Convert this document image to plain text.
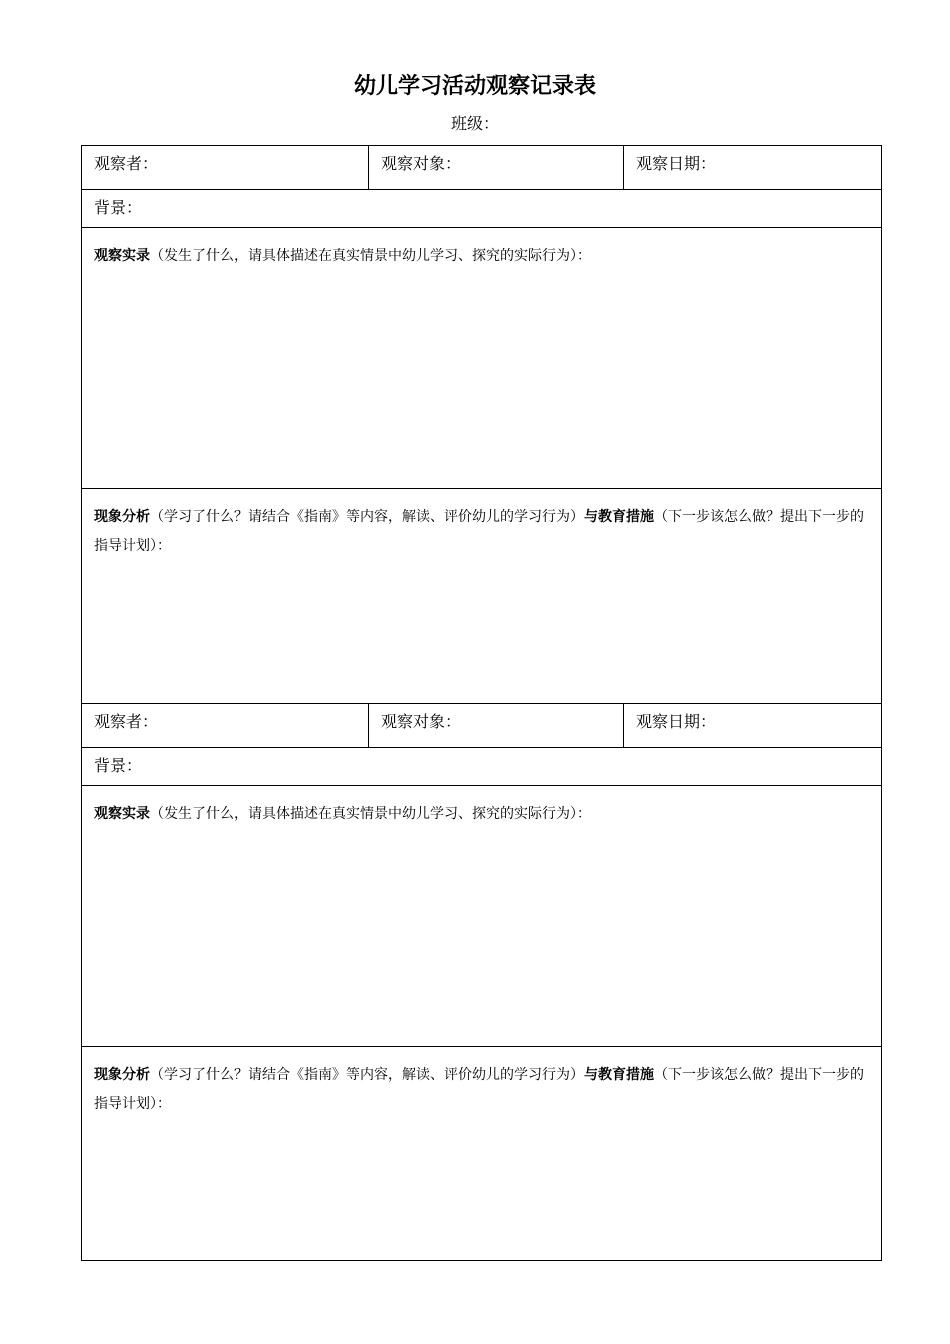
幼儿学习活动观察记录表
班级：
观察者：	观察对象：	观察日期：
背景：
观察实录（发生了什么，请具体描述在真实情景中幼儿学习、探究的实际行为）：
现象分析（学习了什么？请结合《指南》等内容，解读、评价幼儿的学习行为）与教育措施（下一步该怎么做？提出下一步的指导计划）：
观察者：	观察对象：	观察日期：
背景：
观察实录（发生了什么，请具体描述在真实情景中幼儿学习、探究的实际行为）：
现象分析（学习了什么？请结合《指南》等内容，解读、评价幼儿的学习行为）与教育措施（下一步该怎么做？提出下一步的指导计划）：
